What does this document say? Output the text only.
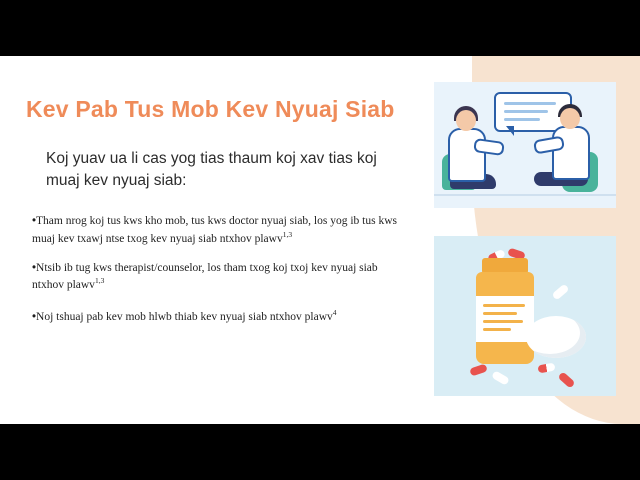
Kev Pab Tus Mob Kev Nyuaj Siab
Koj yuav ua li cas yog tias thaum koj xav tias koj muaj kev nyuaj siab:
•Tham nrog koj tus kws kho mob, tus kws doctor nyuaj siab, los yog ib tus kws muaj kev txawj ntse txog kev nyuaj siab ntxhov plawv$^{1,3}$
•Ntsib ib tug kws therapist/counselor, los tham txog koj txoj kev nyuaj siab ntxhov plawv$^{1,3}$
•Noj tshuaj pab kev mob hlwb thiab kev nyuaj siab ntxhov plawv$^4$
